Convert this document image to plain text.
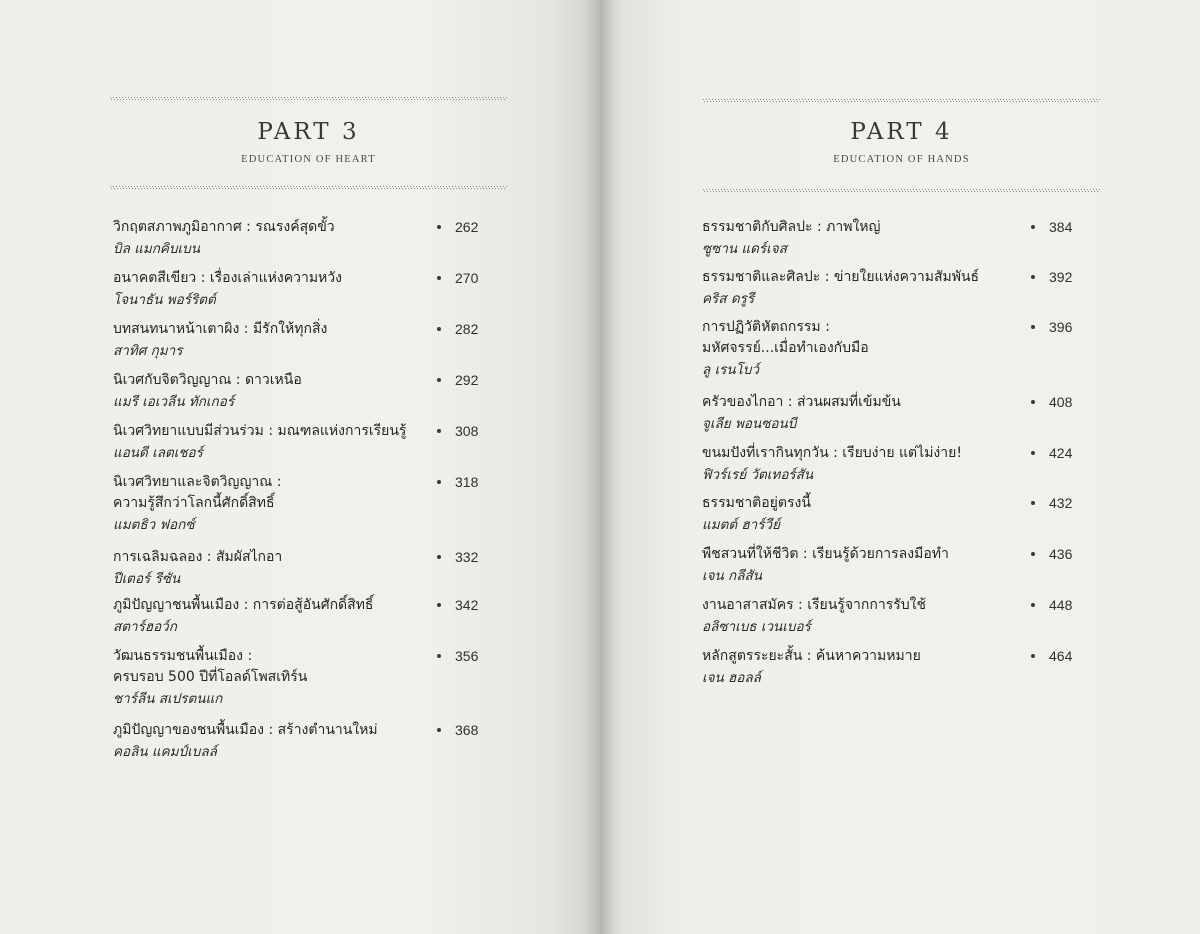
PART 3
EDUCATION OF HEART
วิกฤตสภาพภูมิอากาศ : รณรงค์สุดขั้ว
บิล แมกคิบเบน
262
อนาคตสีเขียว : เรื่องเล่าแห่งความหวัง
โจนาธัน พอร์ริตต์
270
บทสนทนาหน้าเตาผิง : มีรักให้ทุกสิ่ง
สาทิศ กุมาร
282
นิเวศกับจิตวิญญาณ : ดาวเหนือ
แมรี เอเวลีน ทักเกอร์
292
นิเวศวิทยาแบบมีส่วนร่วม : มณฑลแห่งการเรียนรู้
แอนดี เลตเชอร์
308
นิเวศวิทยาและจิตวิญญาณ :
ความรู้สึกว่าโลกนี้ศักดิ์สิทธิ์
แมตธิว ฟอกซ์
318
การเฉลิมฉลอง : สัมผัสไกอา
ปีเตอร์ รีซัน
332
ภูมิปัญญาชนพื้นเมือง : การต่อสู้อันศักดิ์สิทธิ์
สตาร์ฮอว์ก
342
วัฒนธรรมชนพื้นเมือง :
ครบรอบ 500 ปีที่โอลด์โพสเทิร์น
ชาร์ลีน สเปรตนแก
356
ภูมิปัญญาของชนพื้นเมือง : สร้างตำนานใหม่
คอลิน แคมป์เบลล์
368
PART 4
EDUCATION OF HANDS
ธรรมชาติกับศิลปะ : ภาพใหญ่
ซูซาน แดร์เจส
384
ธรรมชาติและศิลปะ : ข่ายใยแห่งความสัมพันธ์
คริส ดรูรี
392
การปฏิวัติหัตถกรรม :
มหัศจรรย์...เมื่อทำเองกับมือ
ลู เรนโบว์
396
ครัวของไกอา : ส่วนผสมที่เข้มข้น
จูเลีย พอนซอนบี
408
ขนมปังที่เรากินทุกวัน : เรียบง่าย แต่ไม่ง่าย!
ฟิวร์เรย์ วัตเทอร์สัน
424
ธรรมชาติอยู่ตรงนี้
แมตต์ ฮาร์วีย์
432
พืชสวนที่ให้ชีวิต : เรียนรู้ด้วยการลงมือทำ
เจน กลีสัน
436
งานอาสาสมัคร : เรียนรู้จากการรับใช้
อลิซาเบธ เวนเบอร์
448
หลักสูตรระยะสั้น : ค้นหาความหมาย
เจน ฮอลล์
464
